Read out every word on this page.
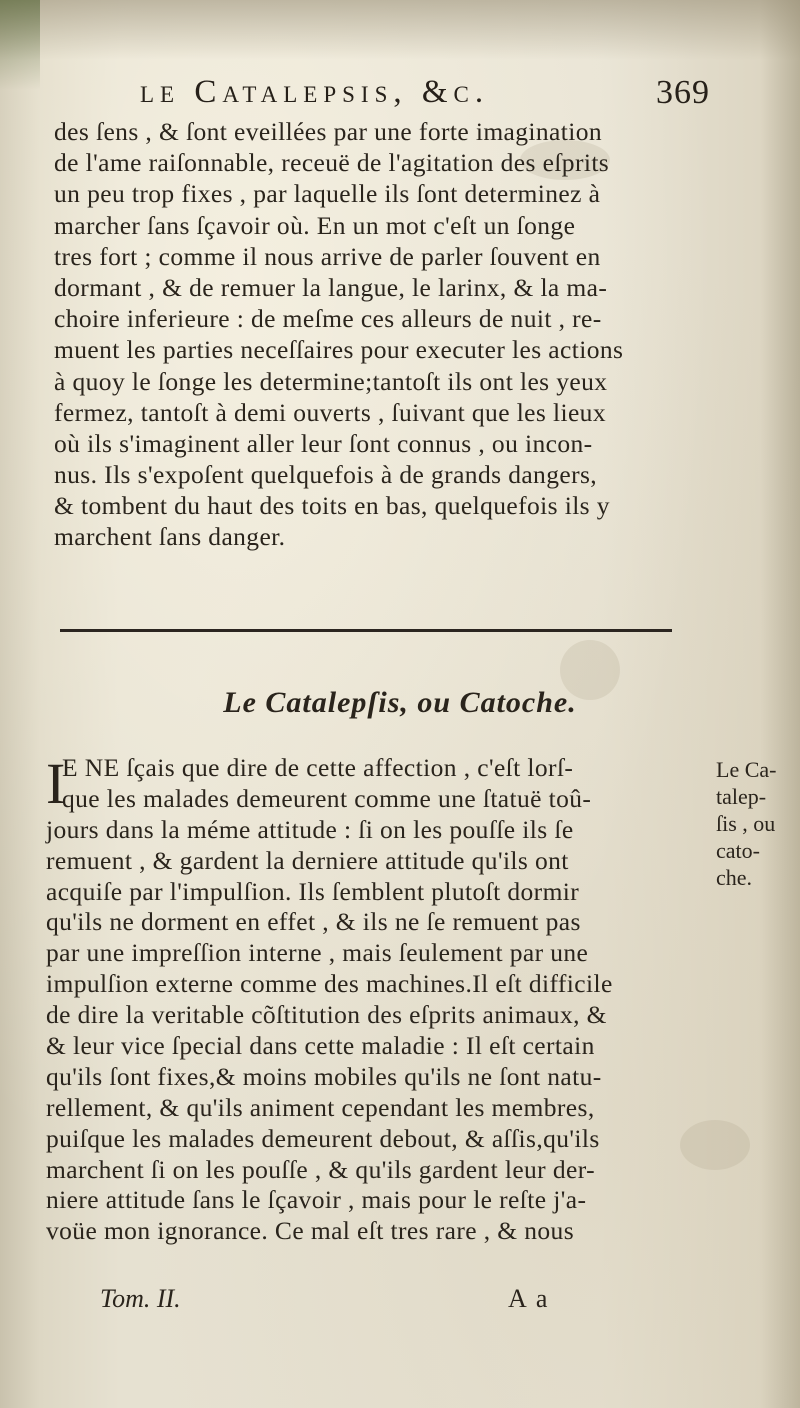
le Catalepsis, &c.	369
des ſens , & ſont eveillées par une forte imagination
de l'ame raiſonnable, receuë de l'agitation des eſprits
un peu trop fixes , par laquelle ils ſont determinez à
marcher ſans ſçavoir où. En un mot c'eſt un ſonge
tres fort ; comme il nous arrive de parler ſouvent en
dormant , & de remuer la langue, le larinx, & la ma-
choire inferieure : de meſme ces alleurs de nuit , re-
muent les parties neceſſaires pour executer les actions
à quoy le ſonge les determine;tantoſt ils ont les yeux
fermez, tantoſt à demi ouverts , ſuivant que les lieux
où ils s'imaginent aller leur ſont connus , ou incon-
nus. Ils s'expoſent quelquefois à de grands dangers,
& tombent du haut des toits en bas, quelquefois ils y
marchent ſans danger.
Le Catalepſis, ou Catoche.
I
E NE ſçais que dire de cette affection , c'eſt lorſ-
que les malades demeurent comme une ſtatuë toû-
jours dans la méme attitude : ſi on les pouſſe ils ſe
remuent , & gardent la derniere attitude qu'ils ont
acquiſe par l'impulſion. Ils ſemblent plutoſt dormir
qu'ils ne dorment en effet , & ils ne ſe remuent pas
par une impreſſion interne , mais ſeulement par une
impulſion externe comme des machines.Il eſt difficile
de dire la veritable cõſtitution des eſprits animaux, &
& leur vice ſpecial dans cette maladie : Il eſt certain
qu'ils ſont fixes,& moins mobiles qu'ils ne ſont natu-
rellement, & qu'ils animent cependant les membres,
puiſque les malades demeurent debout, & aſſis,qu'ils
marchent ſi on les pouſſe , & qu'ils gardent leur der-
niere attitude ſans le ſçavoir , mais pour le reſte j'a-
voüe mon ignorance. Ce mal eſt tres rare , & nous
Le Ca-
talep-
ſis , ou
cato-
che.
Tom. II.	A a
